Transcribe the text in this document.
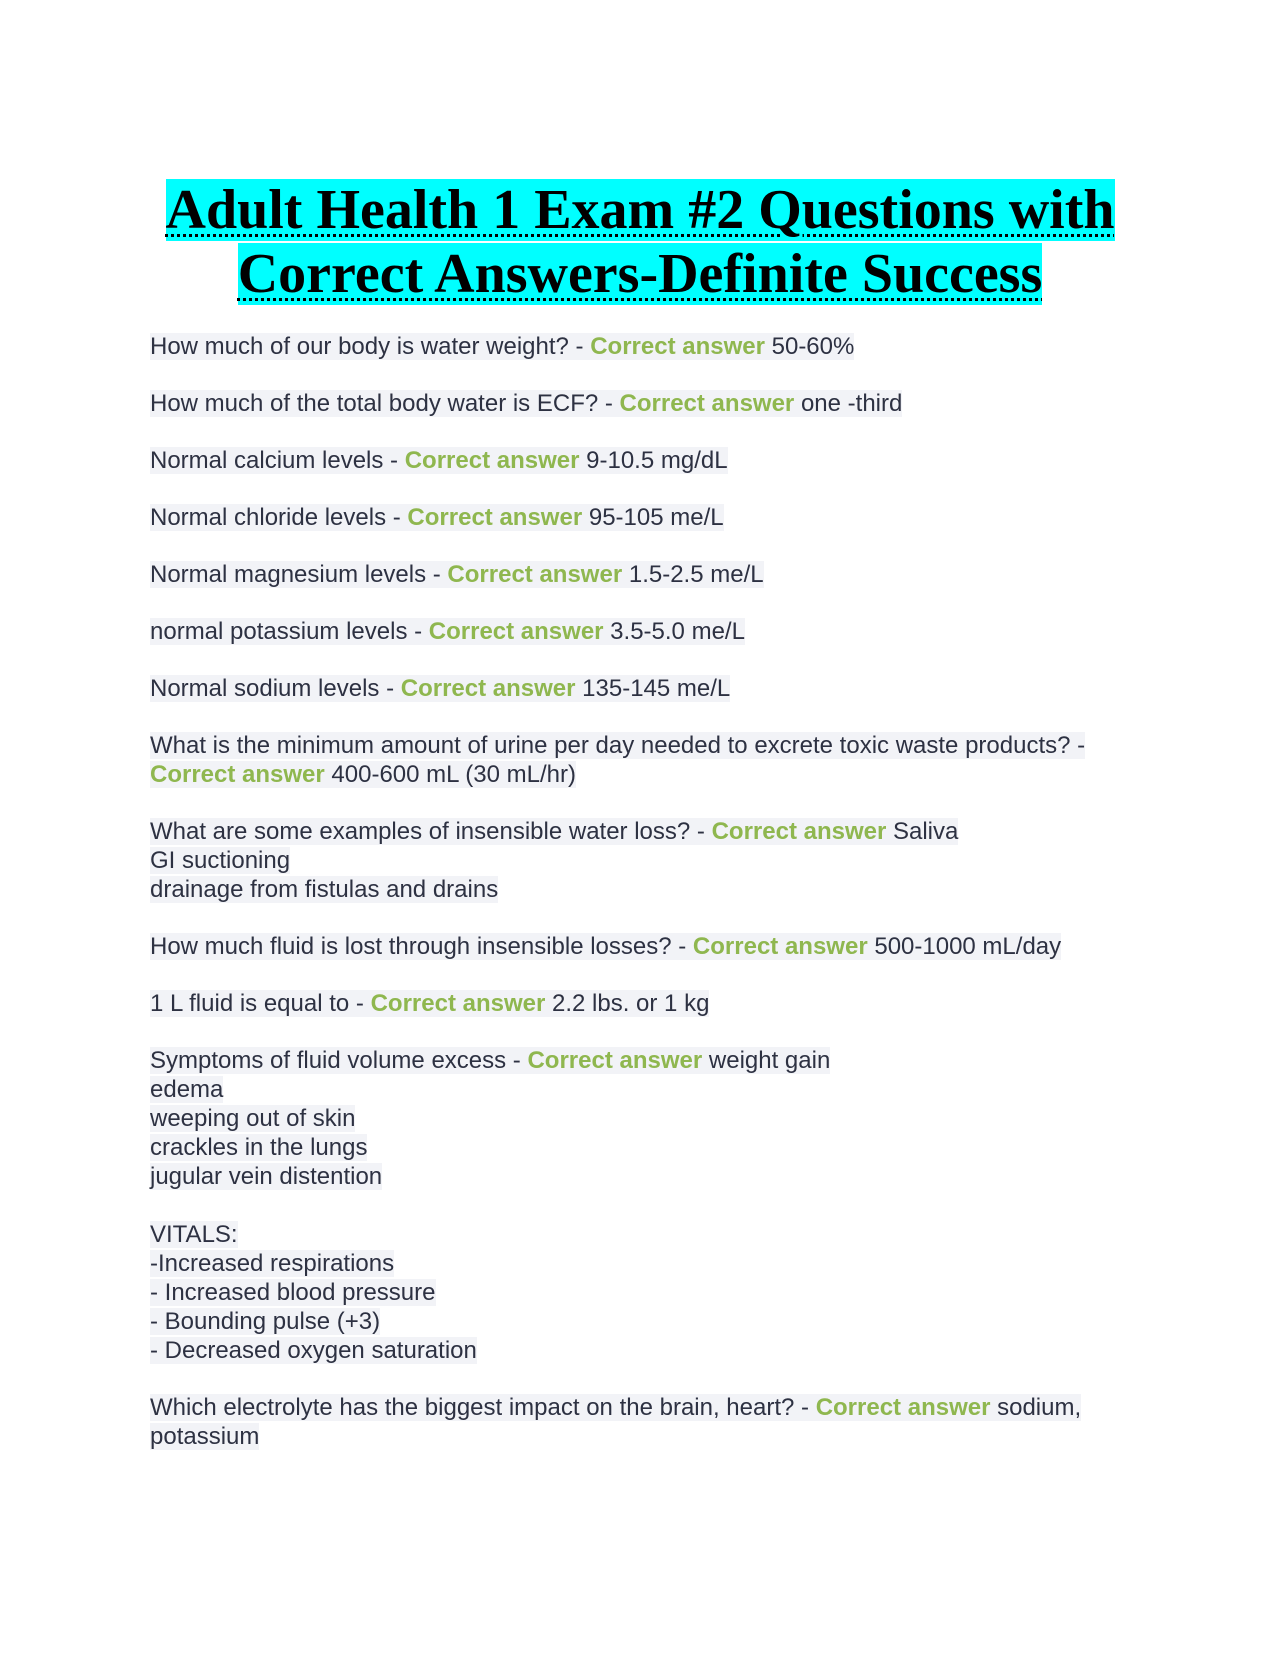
Adult Health 1 Exam #2 Questions with
Correct Answers-Definite Success
How much of our body is water weight? - Correct answer 50-60%
How much of the total body water is ECF? - Correct answer one -third
Normal calcium levels - Correct answer 9-10.5 mg/dL
Normal chloride levels - Correct answer 95-105 me/L
Normal magnesium levels - Correct answer 1.5-2.5 me/L
normal potassium levels - Correct answer 3.5-5.0 me/L
Normal sodium levels - Correct answer 135-145 me/L
What is the minimum amount of urine per day needed to excrete toxic waste products? - Correct answer 400-600 mL (30 mL/hr)
What are some examples of insensible water loss? - Correct answer Saliva
GI suctioning
drainage from fistulas and drains
How much fluid is lost through insensible losses? - Correct answer 500-1000 mL/day
1 L fluid is equal to - Correct answer 2.2 lbs. or 1 kg
Symptoms of fluid volume excess - Correct answer weight gain
edema
weeping out of skin
crackles in the lungs
jugular vein distention

VITALS:
-Increased respirations
- Increased blood pressure
- Bounding pulse (+3)
- Decreased oxygen saturation
Which electrolyte has the biggest impact on the brain, heart? - Correct answer sodium, potassium
